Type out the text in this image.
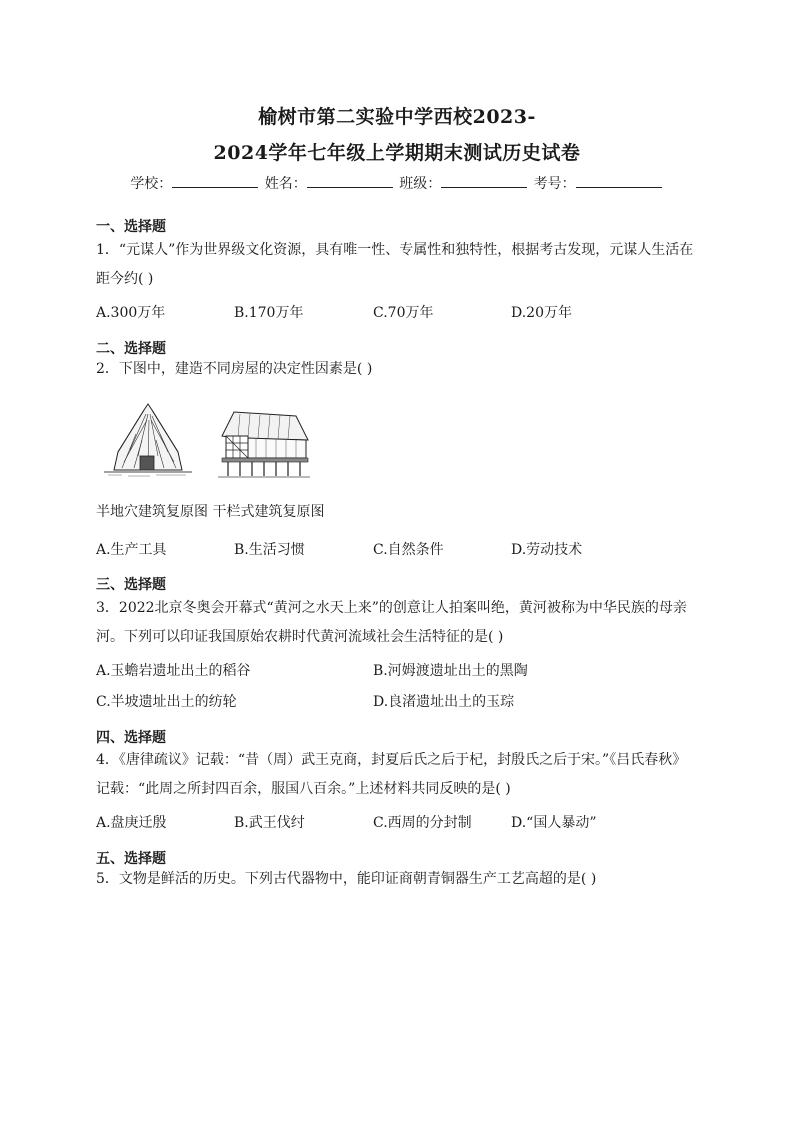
榆树市第二实验中学西校2023-
2024学年七年级上学期期末测试历史试卷
学校：	姓名：	班级：	考号：
一、选择题
1．“元谋人”作为世界级文化资源，具有唯一性、专属性和独特性，根据考古发现，元谋人生活在距今约( )
A.300万年	B.170万年	C.70万年	D.20万年
二、选择题
2．下图中，建造不同房屋的决定性因素是( )
半地穴建筑复原图 干栏式建筑复原图
A.生产工具	B.生活习惯	C.自然条件	D.劳动技术
三、选择题
3．2022北京冬奥会开幕式“黄河之水天上来”的创意让人拍案叫绝，黄河被称为中华民族的母亲河。下列可以印证我国原始农耕时代黄河流域社会生活特征的是( )
A.玉蟾岩遗址出土的稻谷	B.河姆渡遗址出土的黑陶
C.半坡遗址出土的纺轮	D.良渚遗址出土的玉琮
四、选择题
4．《唐律疏议》记载：“昔（周）武王克商，封夏后氏之后于杞，封殷氏之后于宋。”《吕氏春秋》记载：“此周之所封四百余，服国八百余。”上述材料共同反映的是( )
A.盘庚迁殷	B.武王伐纣	C.西周的分封制	D.“国人暴动”
五、选择题
5．文物是鲜活的历史。下列古代器物中，能印证商朝青铜器生产工艺高超的是( )
